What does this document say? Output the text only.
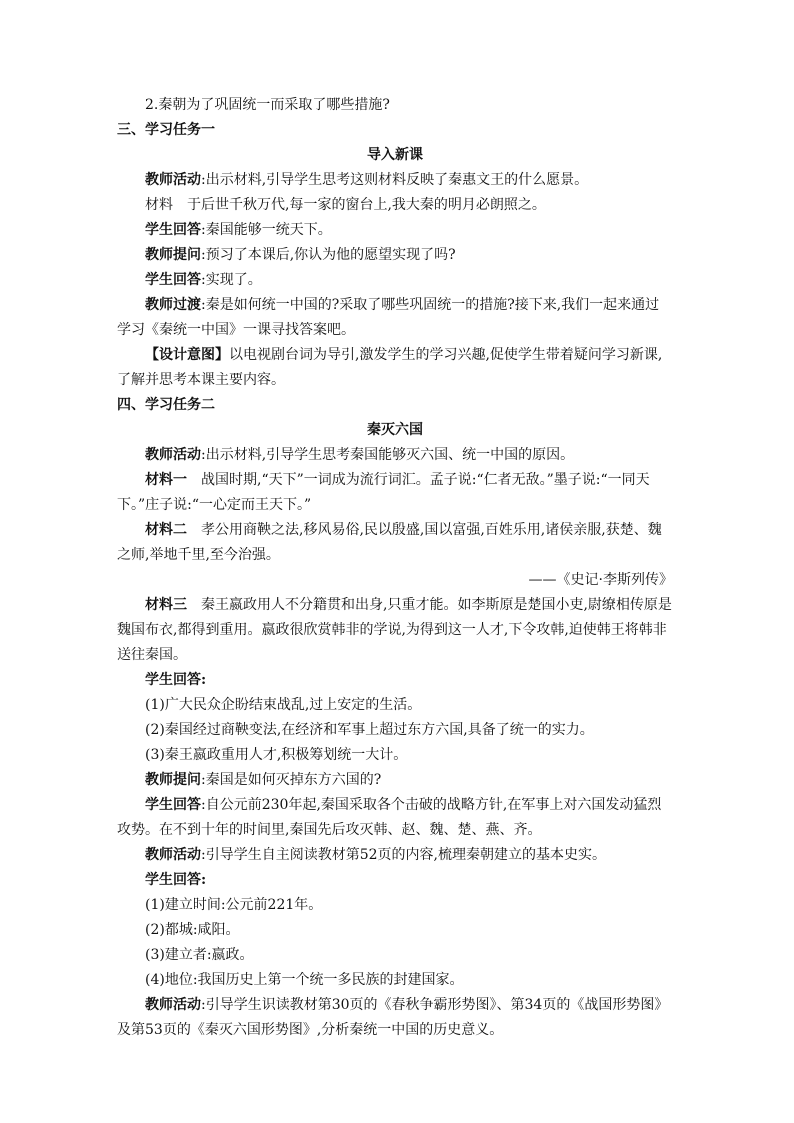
2.秦朝为了巩固统一而采取了哪些措施?

三、学习任务一

导入新课

教师活动:出示材料,引导学生思考这则材料反映了秦惠文王的什么愿景。

材料 于后世千秋万代,每一家的窗台上,我大秦的明月必朗照之。

学生回答:秦国能够一统天下。

教师提问:预习了本课后,你认为他的愿望实现了吗?

学生回答:实现了。

教师过渡:秦是如何统一中国的?采取了哪些巩固统一的措施?接下来,我们一起来通过学习《秦统一中国》一课寻找答案吧。

【设计意图】以电视剧台词为导引,激发学生的学习兴趣,促使学生带着疑问学习新课,了解并思考本课主要内容。

四、学习任务二

秦灭六国

教师活动:出示材料,引导学生思考秦国能够灭六国、统一中国的原因。

材料一 战国时期,“天下”一词成为流行词汇。孟子说:“仁者无敌。”墨子说:“一同天下。”庄子说:“一心定而王天下。”

材料二 孝公用商鞅之法,移风易俗,民以殷盛,国以富强,百姓乐用,诸侯亲服,获楚、魏之师,举地千里,至今治强。

——《史记·李斯列传》

材料三 秦王嬴政用人不分籍贯和出身,只重才能。如李斯原是楚国小吏,尉缭相传原是魏国布衣,都得到重用。嬴政很欣赏韩非的学说,为得到这一人才,下令攻韩,迫使韩王将韩非送往秦国。

学生回答:

(1)广大民众企盼结束战乱,过上安定的生活。

(2)秦国经过商鞅变法,在经济和军事上超过东方六国,具备了统一的实力。

(3)秦王嬴政重用人才,积极筹划统一大计。

教师提问:秦国是如何灭掉东方六国的?

学生回答:自公元前230年起,秦国采取各个击破的战略方针,在军事上对六国发动猛烈攻势。在不到十年的时间里,秦国先后攻灭韩、赵、魏、楚、燕、齐。

教师活动:引导学生自主阅读教材第52页的内容,梳理秦朝建立的基本史实。

学生回答:

(1)建立时间:公元前221年。

(2)都城:咸阳。

(3)建立者:嬴政。

(4)地位:我国历史上第一个统一多民族的封建国家。

教师活动:引导学生识读教材第30页的《春秋争霸形势图》、第34页的《战国形势图》及第53页的《秦灭六国形势图》,分析秦统一中国的历史意义。
